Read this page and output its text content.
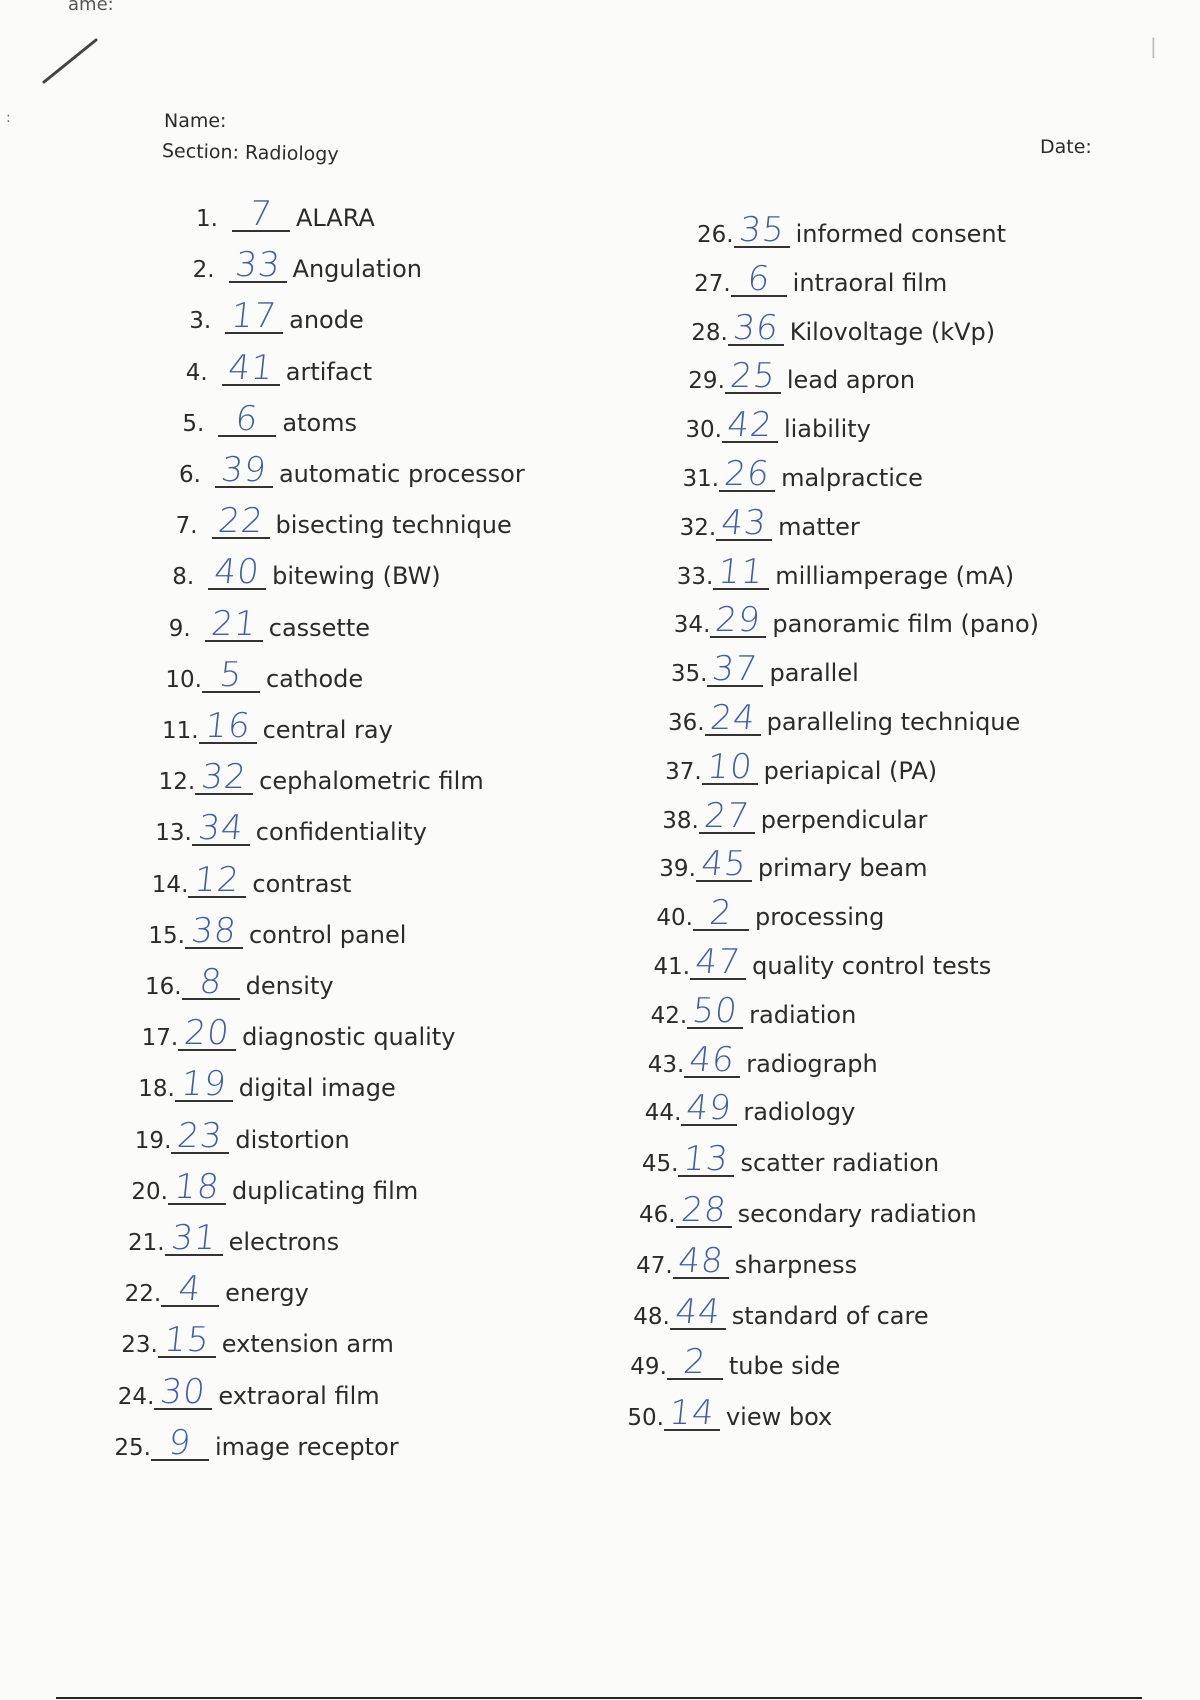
ame:
:
|
Name:
Section: Radiology	Date:
1. 7 ALARA
2. 33 Angulation
3. 17 anode
4. 41 artifact
5. 6 atoms
6. 39 automatic processor
7. 22 bisecting technique
8. 40 bitewing (BW)
9. 21 cassette
10. 5 cathode
11. 16 central ray
12. 32 cephalometric film
13. 34 confidentiality
14. 12 contrast
15. 38 control panel
16. 8 density
17. 20 diagnostic quality
18. 19 digital image
19. 23 distortion
20. 18 duplicating film
21. 31 electrons
22. 4 energy
23. 15 extension arm
24. 30 extraoral film
25. 9 image receptor
26. 35 informed consent
27. 6 intraoral film
28. 36 Kilovoltage (kVp)
29. 25 lead apron
30. 42 liability
31. 26 malpractice
32. 43 matter
33. 11 milliamperage (mA)
34. 29 panoramic film (pano)
35. 37 parallel
36. 24 paralleling technique
37. 10 periapical (PA)
38. 27 perpendicular
39. 45 primary beam
40. 2 processing
41. 47 quality control tests
42. 50 radiation
43. 46 radiograph
44. 49 radiology
45. 13 scatter radiation
46. 28 secondary radiation
47. 48 sharpness
48. 44 standard of care
49. 2 tube side
50. 14 view box
